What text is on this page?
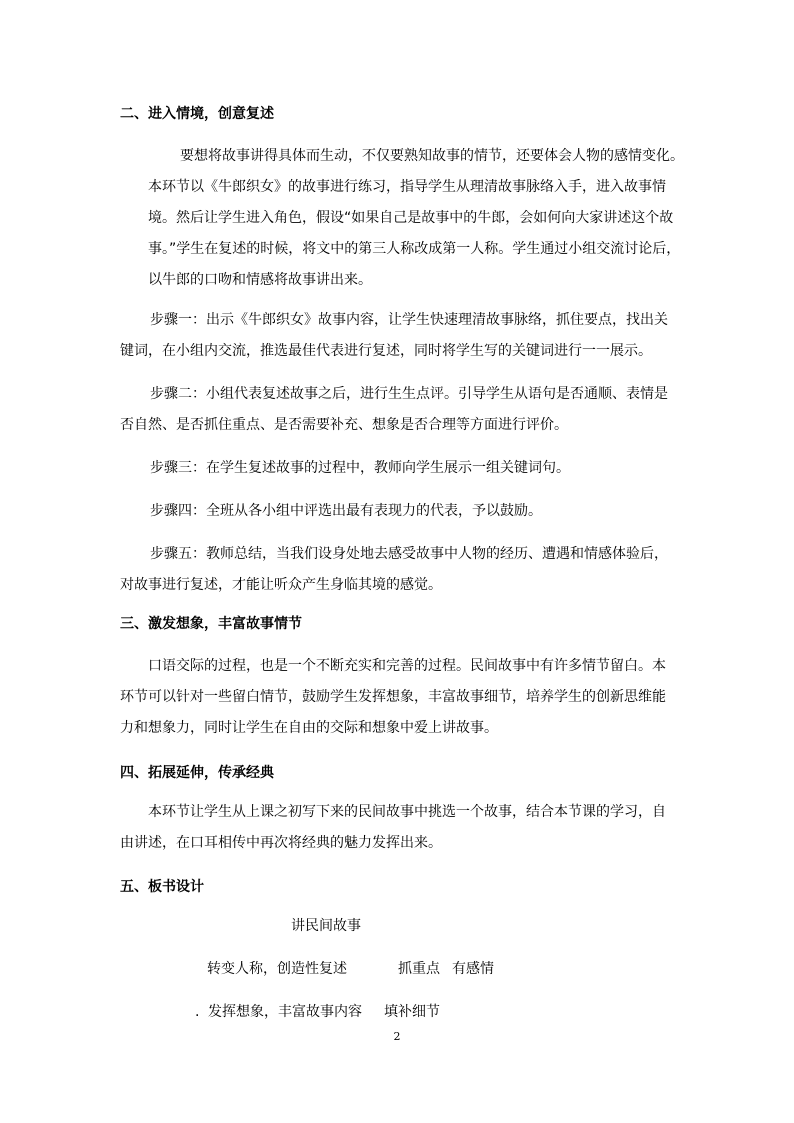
二、进入情境，创意复述
要想将故事讲得具体而生动，不仅要熟知故事的情节，还要体会人物的感情变化。
本环节以《牛郎织女》的故事进行练习，指导学生从理清故事脉络入手，进入故事情
境。然后让学生进入角色，假设“如果自己是故事中的牛郎，会如何向大家讲述这个故
事。”学生在复述的时候，将文中的第三人称改成第一人称。学生通过小组交流讨论后，
以牛郎的口吻和情感将故事讲出来。
步骤一：出示《牛郎织女》故事内容，让学生快速理清故事脉络，抓住要点，找出关
键词，在小组内交流，推选最佳代表进行复述，同时将学生写的关键词进行一一展示。
步骤二：小组代表复述故事之后，进行生生点评。引导学生从语句是否通顺、表情是
否自然、是否抓住重点、是否需要补充、想象是否合理等方面进行评价。
步骤三：在学生复述故事的过程中，教师向学生展示一组关键词句。
步骤四：全班从各小组中评选出最有表现力的代表，予以鼓励。
步骤五：教师总结，当我们设身处地去感受故事中人物的经历、遭遇和情感体验后，
对故事进行复述，才能让听众产生身临其境的感觉。
三、激发想象，丰富故事情节
口语交际的过程，也是一个不断充实和完善的过程。民间故事中有许多情节留白。本
环节可以针对一些留白情节，鼓励学生发挥想象，丰富故事细节，培养学生的创新思维能
力和想象力，同时让学生在自由的交际和想象中爱上讲故事。
四、拓展延伸，传承经典
本环节让学生从上课之初写下来的民间故事中挑选一个故事，结合本节课的学习，自
由讲述，在口耳相传中再次将经典的魅力发挥出来。
五、板书设计
讲民间故事
转变人称，创造性复述	抓重点 有感情
. 发挥想象，丰富故事内容 填补细节
2
